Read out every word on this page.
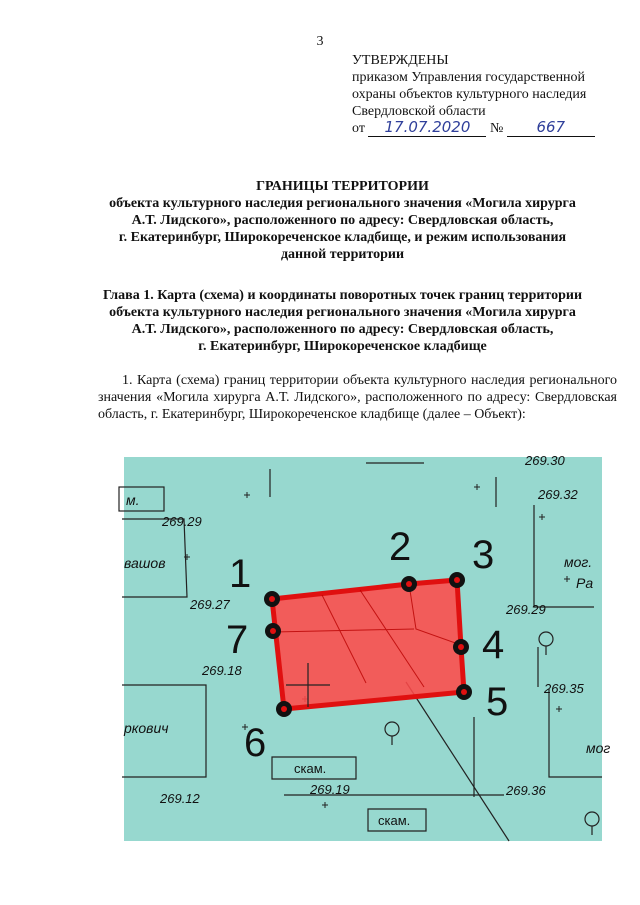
3
УТВЕРЖДЕНЫ
приказом Управления государственной
охраны объектов культурного наследия
Свердловской области
от 17.07.2020 № 667
ГРАНИЦЫ ТЕРРИТОРИИ
объекта культурного наследия регионального значения «Могила хирурга
А.Т. Лидского», расположенного по адресу: Свердловская область,
г. Екатеринбург, Широкореченское кладбище, и режим использования
данной территории
Глава 1. Карта (схема) и координаты поворотных точек границ территории
объекта культурного наследия регионального значения «Могила хирурга
А.Т. Лидского», расположенного по адресу: Свердловская область,
г. Екатеринбург, Широкореченское кладбище
1. Карта (схема) границ территории объекта культурного наследия регионального значения «Могила хирурга А.Т. Лидского», расположенного по адресу: Свердловская область, г. Екатеринбург, Широкореченское кладбище (далее – Объект):
1
2 3
4
5
6
7
269.30
269.32
269.29
269.27	269.29
269.18
269.35
269.12
269.19	269.36
м.
вашов
ркович
мог.
Ра
мог
скам.
скам.
